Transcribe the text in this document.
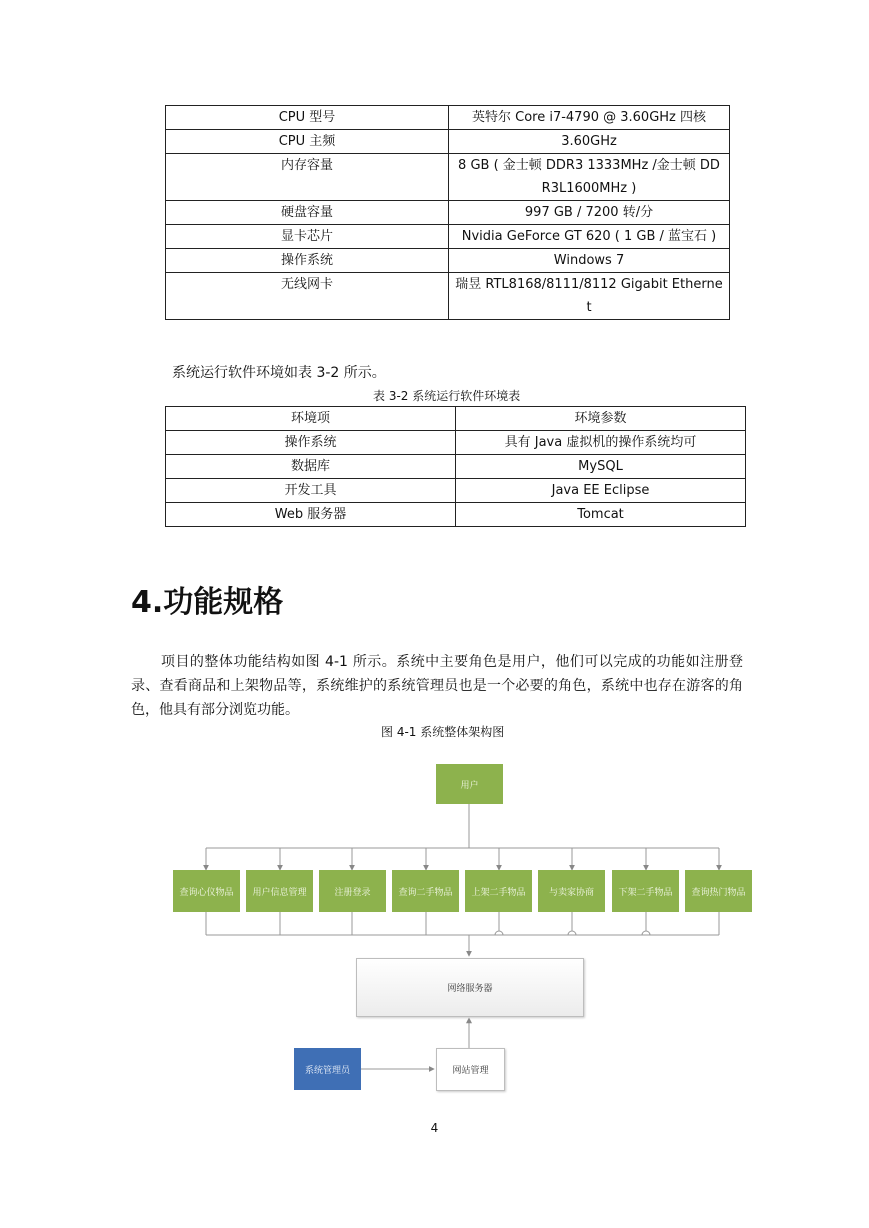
CPU 型号	英特尔 Core i7-4790 @ 3.60GHz 四核
CPU 主频	3.60GHz
内存容量	8 GB ( 金士顿 DDR3 1333MHz /金士顿 DDR3L1600MHz )
硬盘容量	997 GB / 7200 转/分
显卡芯片	Nvidia GeForce GT 620 ( 1 GB / 蓝宝石 )
操作系统	Windows 7
无线网卡	瑞昱 RTL8168/8111/8112 Gigabit Ethernet
系统运行软件环境如表 3-2 所示。
表 3-2 系统运行软件环境表
环境项	环境参数
操作系统	具有 Java 虚拟机的操作系统均可
数据库	MySQL
开发工具	Java EE Eclipse
Web 服务器	Tomcat
4.功能规格
项目的整体功能结构如图 4-1 所示。系统中主要角色是用户，他们可以完成的功能如注册登录、查看商品和上架物品等，系统维护的系统管理员也是一个必要的角色，系统中也存在游客的角色，他具有部分浏览功能。
图 4-1 系统整体架构图
用户
查询心仪物品	用户信息管理	注册登录	查询二手物品	上架二手物品	与卖家协商	下架二手物品	查询热门物品
网络服务器
系统管理员	网站管理
4
